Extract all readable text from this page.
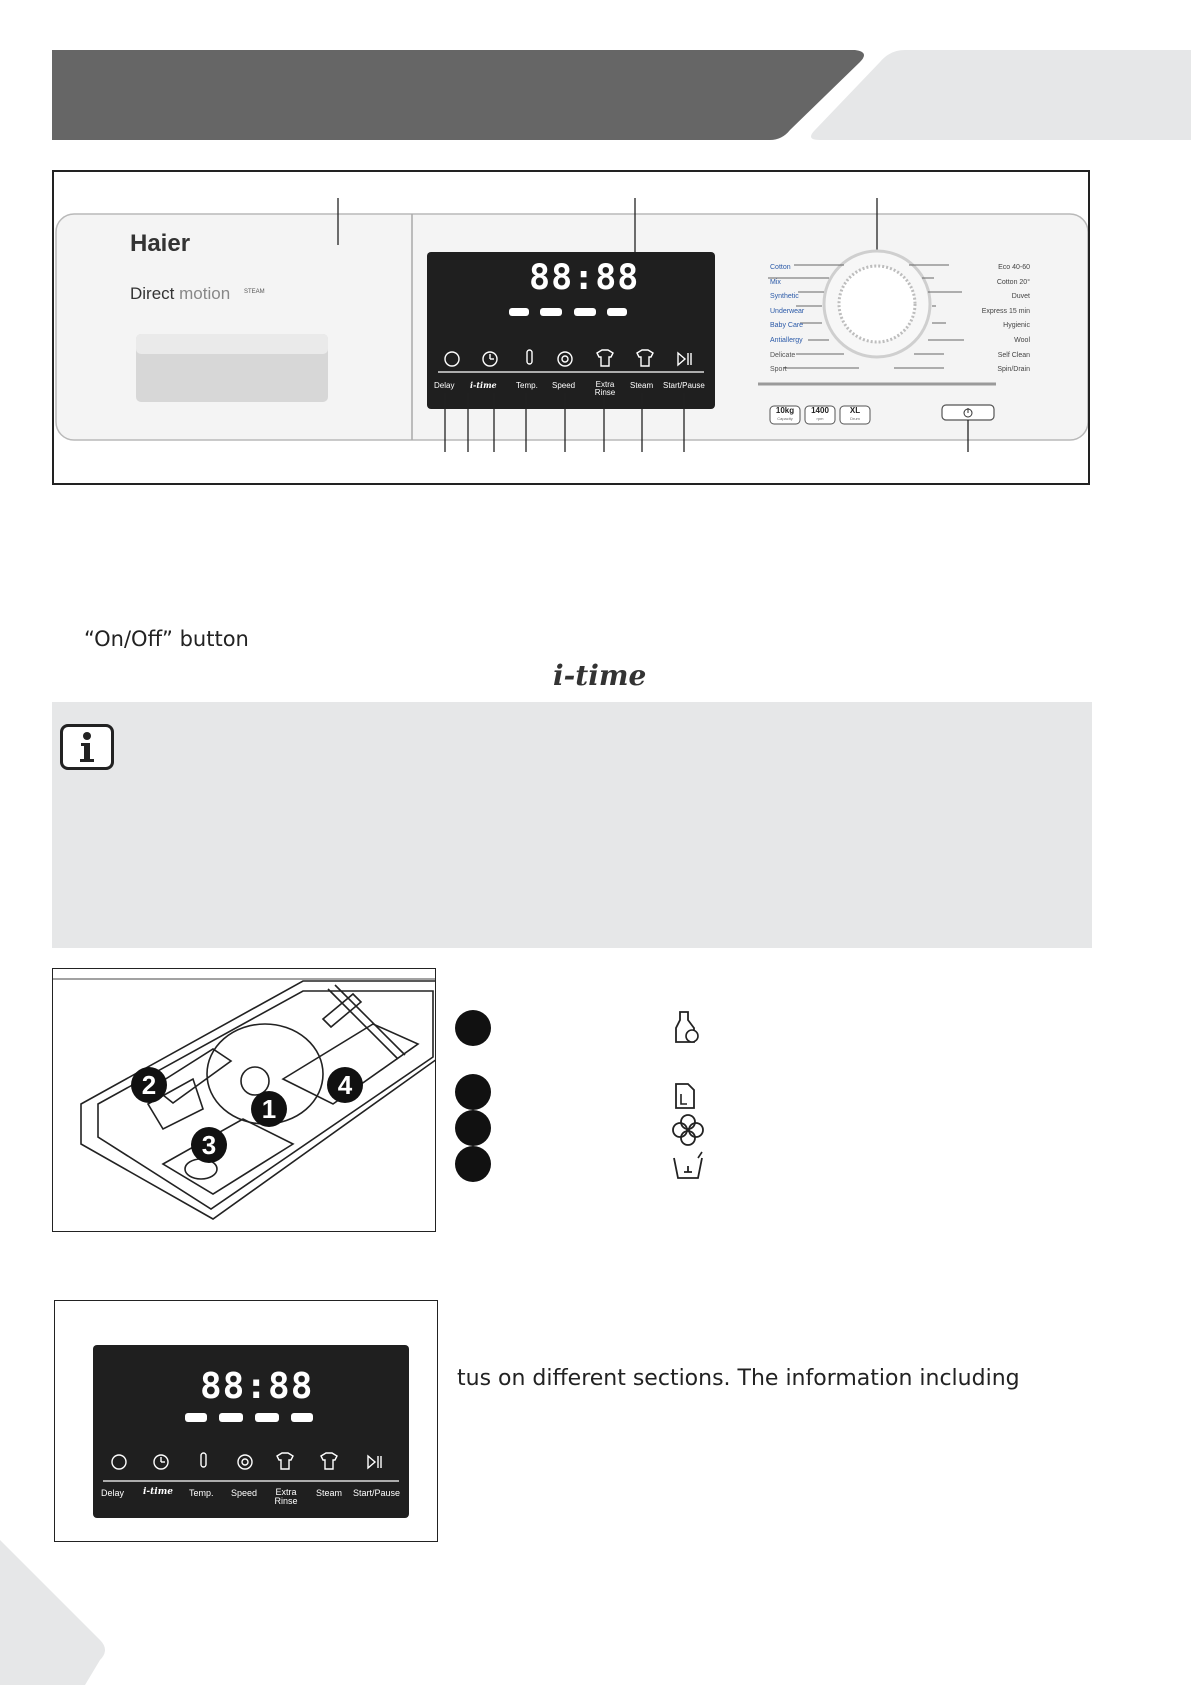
Haier
Direct motion STEAM	88:88
Delay i-time Temp. Speed	Extra Rinse
Steam Start/Pause
Cotton
Mix
Synthetic
Underwear
Baby Care
Antiallergy
Delicate
Sport
Eco 40-60
Cotton 20°
Duvet
Express 15 min
Hygienic
Wool
Self Clean
Spin/Drain
10kg
Capacity
1400
rpm
XL
Drum
“On/Off” button
i-time
2
1
4
3
88:88
Delay i-time Temp. Speed	Extra Rinse
Steam Start/Pause
tus on different sections. The information including
